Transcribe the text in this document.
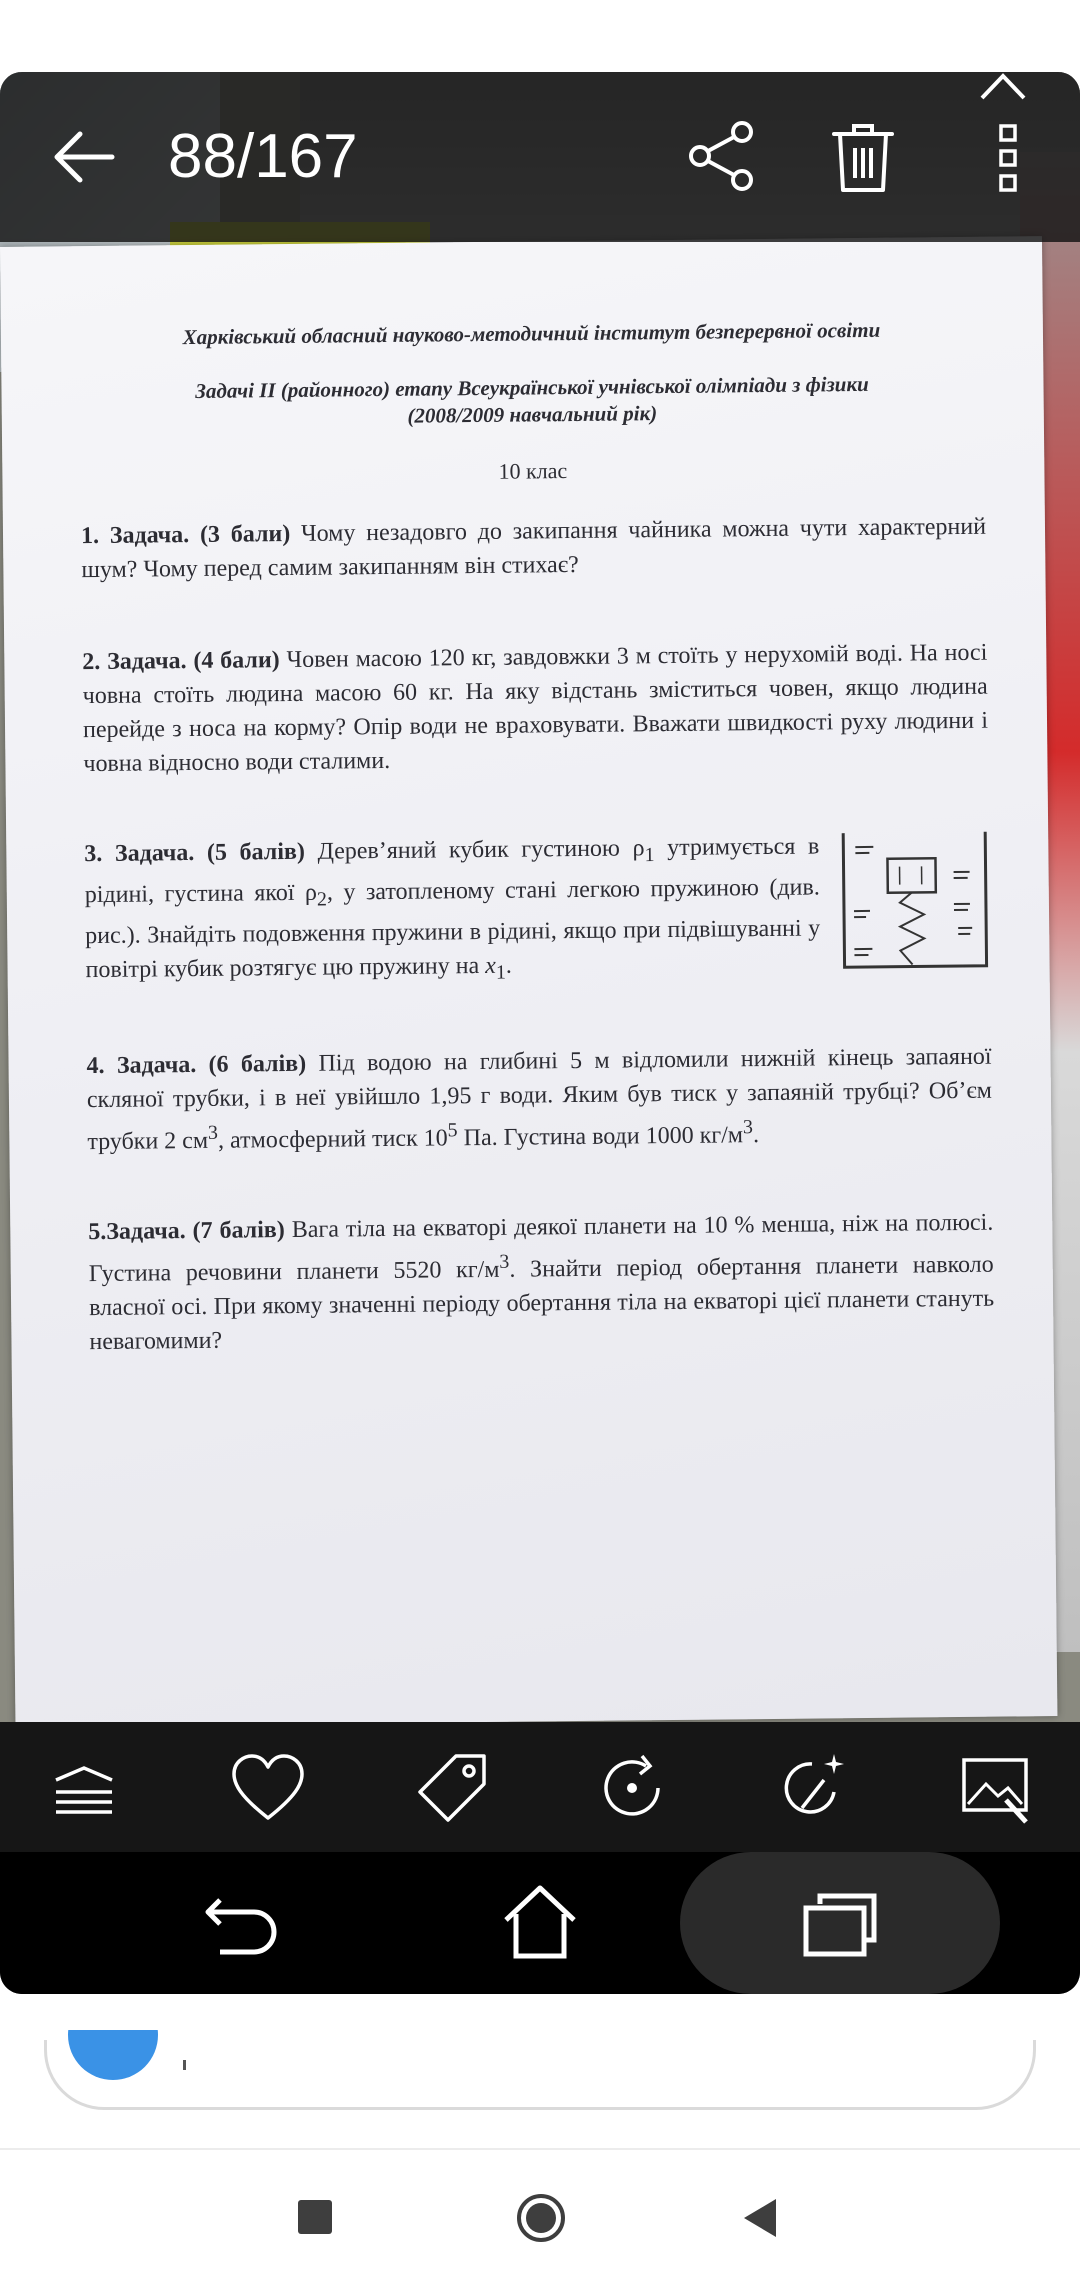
Харківський обласний науково-методичний інститут безперервної освіти
Задачі ІІ (районного) етапу Всеукраїнської учнівської олімпіади з фізики
(2008/2009 навчальний рік)
10 клас

1. Задача. (3 бали) Чому незадовго до закипання чайника можна чути характерний шум? Чому перед самим закипанням він стихає?

2. Задача. (4 бали) Човен масою 120 кг, завдовжки 3 м стоїть у нерухомій воді. На носі човна стоїть людина масою 60 кг. На яку відстань зміститься човен, якщо людина перейде з носа на корму? Опір води не враховувати. Вважати швидкості руху людини і човна відносно води сталими.

3. Задача. (5 балів) Дерев’яний кубик густиною $\rho_1$ утримується в рідині, густина якої $\rho_2$, у затопленому стані легкою пружиною (див. рис.). Знайдіть подовження пружини в рідині, якщо при підвішуванні у повітрі кубик розтягує цю пружину на $x_1$.

4. Задача. (6 балів) Під водою на глибині 5 м відломили нижній кінець запаяної скляної трубки, і в неї увійшло 1,95 г води. Яким був тиск у запаяній трубці? Об’єм трубки 2 $см^3$, атмосферний тиск $10^5$ Па. Густина води 1000 $кг/м^3$.

5.Задача. (7 балів) Вага тіла на екваторі деякої планети на 10 % менша, ніж на полюсі. Густина речовини планети 5520 $кг/м^3$. Знайти період обертання планети навколо власної осі. При якому значенні періоду обертання тіла на екваторі цієї планети стануть невагомими?

88/167
